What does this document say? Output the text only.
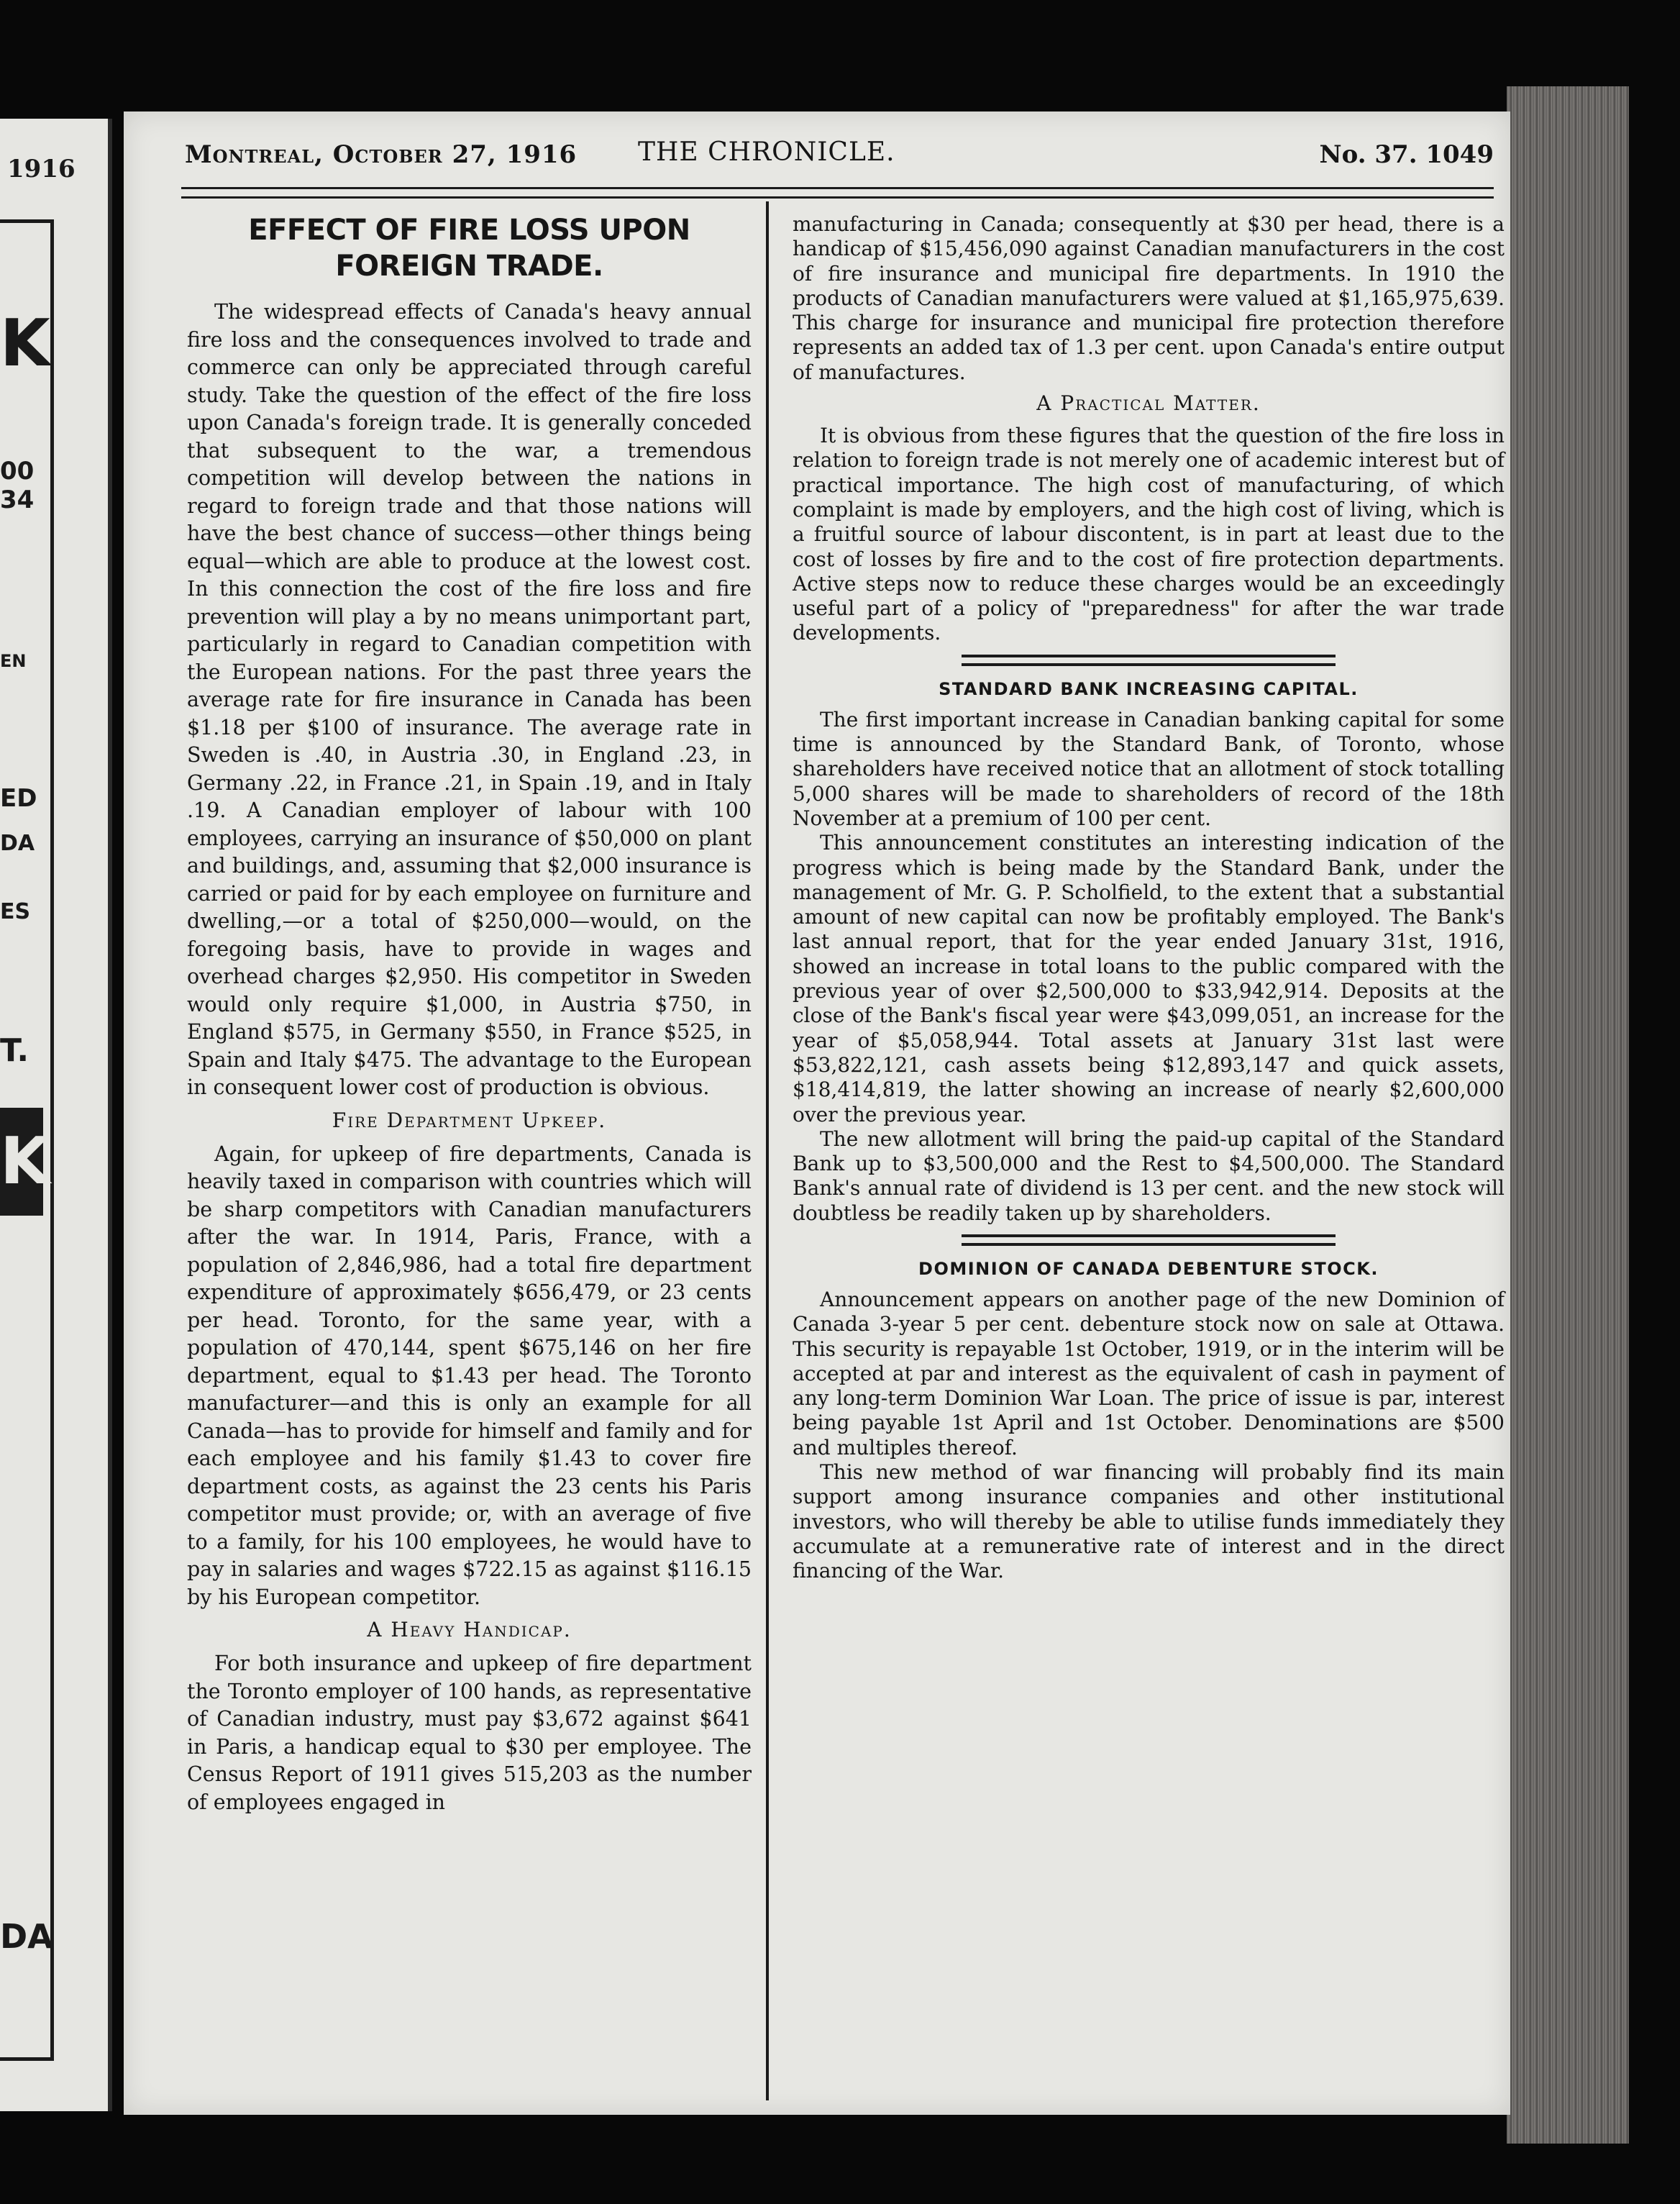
1916
K
00
34
EN
ED
DA
ES
T.
K
DA
Montreal, October 27, 1916 THE CHRONICLE.	No. 37. 1049
EFFECT OF FIRE LOSS UPON FOREIGN TRADE.

The widespread effects of Canada's heavy annual fire loss and the consequences involved to trade and commerce can only be appreciated through careful study. Take the question of the effect of the fire loss upon Canada's foreign trade. It is generally conceded that subsequent to the war, a tremendous competition will develop between the nations in regard to foreign trade and that those nations will have the best chance of success—other things being equal—which are able to produce at the lowest cost. In this connection the cost of the fire loss and fire prevention will play a by no means unimportant part, particularly in regard to Canadian competition with the European nations. For the past three years the average rate for fire insurance in Canada has been $1.18 per $100 of insurance. The average rate in Sweden is .40, in Austria .30, in England .23, in Germany .22, in France .21, in Spain .19, and in Italy .19. A Canadian employer of labour with 100 employees, carrying an insurance of $50,000 on plant and buildings, and, assuming that $2,000 insurance is carried or paid for by each employee on furniture and dwelling,—or a total of $250,000—would, on the foregoing basis, have to provide in wages and overhead charges $2,950. His competitor in Sweden would only require $1,000, in Austria $750, in England $575, in Germany $550, in France $525, in Spain and Italy $475. The advantage to the European in consequent lower cost of production is obvious.

Fire Department Upkeep.

Again, for upkeep of fire departments, Canada is heavily taxed in comparison with countries which will be sharp competitors with Canadian manufacturers after the war. In 1914, Paris, France, with a population of 2,846,986, had a total fire department expenditure of approximately $656,479, or 23 cents per head. Toronto, for the same year, with a population of 470,144, spent $675,146 on her fire department, equal to $1.43 per head. The Toronto manufacturer—and this is only an example for all Canada—has to provide for himself and family and for each employee and his family $1.43 to cover fire department costs, as against the 23 cents his Paris competitor must provide; or, with an average of five to a family, for his 100 employees, he would have to pay in salaries and wages $722.15 as against $116.15 by his European competitor.

A Heavy Handicap.

For both insurance and upkeep of fire department the Toronto employer of 100 hands, as representative of Canadian industry, must pay $3,672 against $641 in Paris, a handicap equal to $30 per employee. The Census Report of 1911 gives 515,203 as the number of employees engaged in

manufacturing in Canada; consequently at $30 per head, there is a handicap of $15,456,090 against Canadian manufacturers in the cost of fire insurance and municipal fire departments. In 1910 the products of Canadian manufacturers were valued at $1,165,975,639. This charge for insurance and municipal fire protection therefore represents an added tax of 1.3 per cent. upon Canada's entire output of manufactures.

A Practical Matter.

It is obvious from these figures that the question of the fire loss in relation to foreign trade is not merely one of academic interest but of practical importance. The high cost of manufacturing, of which complaint is made by employers, and the high cost of living, which is a fruitful source of labour discontent, is in part at least due to the cost of losses by fire and to the cost of fire protection departments. Active steps now to reduce these charges would be an exceedingly useful part of a policy of "preparedness" for after the war trade developments.

STANDARD BANK INCREASING CAPITAL.

The first important increase in Canadian banking capital for some time is announced by the Standard Bank, of Toronto, whose shareholders have received notice that an allotment of stock totalling 5,000 shares will be made to shareholders of record of the 18th November at a premium of 100 per cent.

This announcement constitutes an interesting indication of the progress which is being made by the Standard Bank, under the management of Mr. G. P. Scholfield, to the extent that a substantial amount of new capital can now be profitably employed. The Bank's last annual report, that for the year ended January 31st, 1916, showed an increase in total loans to the public compared with the previous year of over $2,500,000 to $33,942,914. Deposits at the close of the Bank's fiscal year were $43,099,051, an increase for the year of $5,058,944. Total assets at January 31st last were $53,822,121, cash assets being $12,893,147 and quick assets, $18,414,819, the latter showing an increase of nearly $2,600,000 over the previous year.

The new allotment will bring the paid-up capital of the Standard Bank up to $3,500,000 and the Rest to $4,500,000. The Standard Bank's annual rate of dividend is 13 per cent. and the new stock will doubtless be readily taken up by shareholders.

DOMINION OF CANADA DEBENTURE STOCK.

Announcement appears on another page of the new Dominion of Canada 3-year 5 per cent. debenture stock now on sale at Ottawa. This security is repayable 1st October, 1919, or in the interim will be accepted at par and interest as the equivalent of cash in payment of any long-term Dominion War Loan. The price of issue is par, interest being payable 1st April and 1st October. Denominations are $500 and multiples thereof.

This new method of war financing will probably find its main support among insurance companies and other institutional investors, who will thereby be able to utilise funds immediately they accumulate at a remunerative rate of interest and in the direct financing of the War.
